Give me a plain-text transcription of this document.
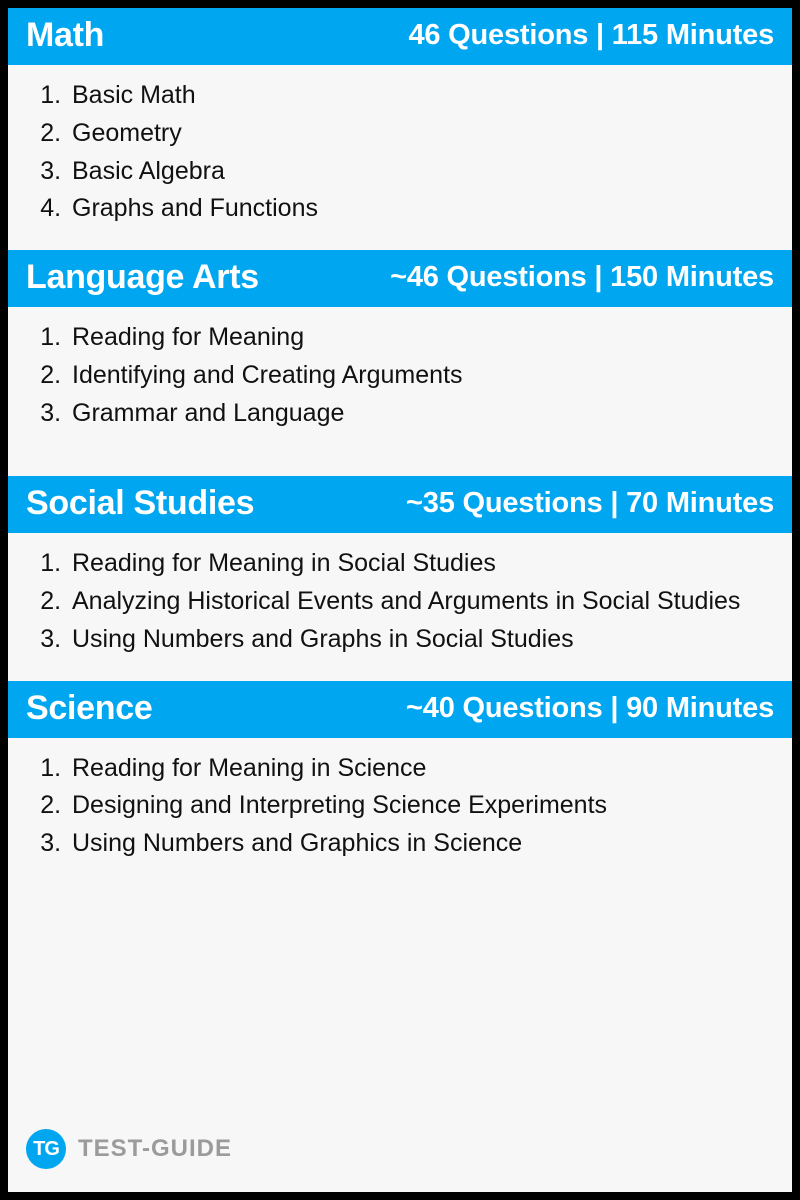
Math	46 Questions | 115 Minutes
1. Basic Math
2. Geometry
3. Basic Algebra
4. Graphs and Functions
Language Arts	~46 Questions | 150 Minutes
1. Reading for Meaning
2. Identifying and Creating Arguments
3. Grammar and Language
Social Studies	~35 Questions | 70 Minutes
1. Reading for Meaning in Social Studies
2. Analyzing Historical Events and Arguments in Social Studies
3. Using Numbers and Graphs in Social Studies
Science	~40 Questions | 90 Minutes
1. Reading for Meaning in Science
2. Designing and Interpreting Science Experiments
3. Using Numbers and Graphics in Science
TG TEST-GUIDE
